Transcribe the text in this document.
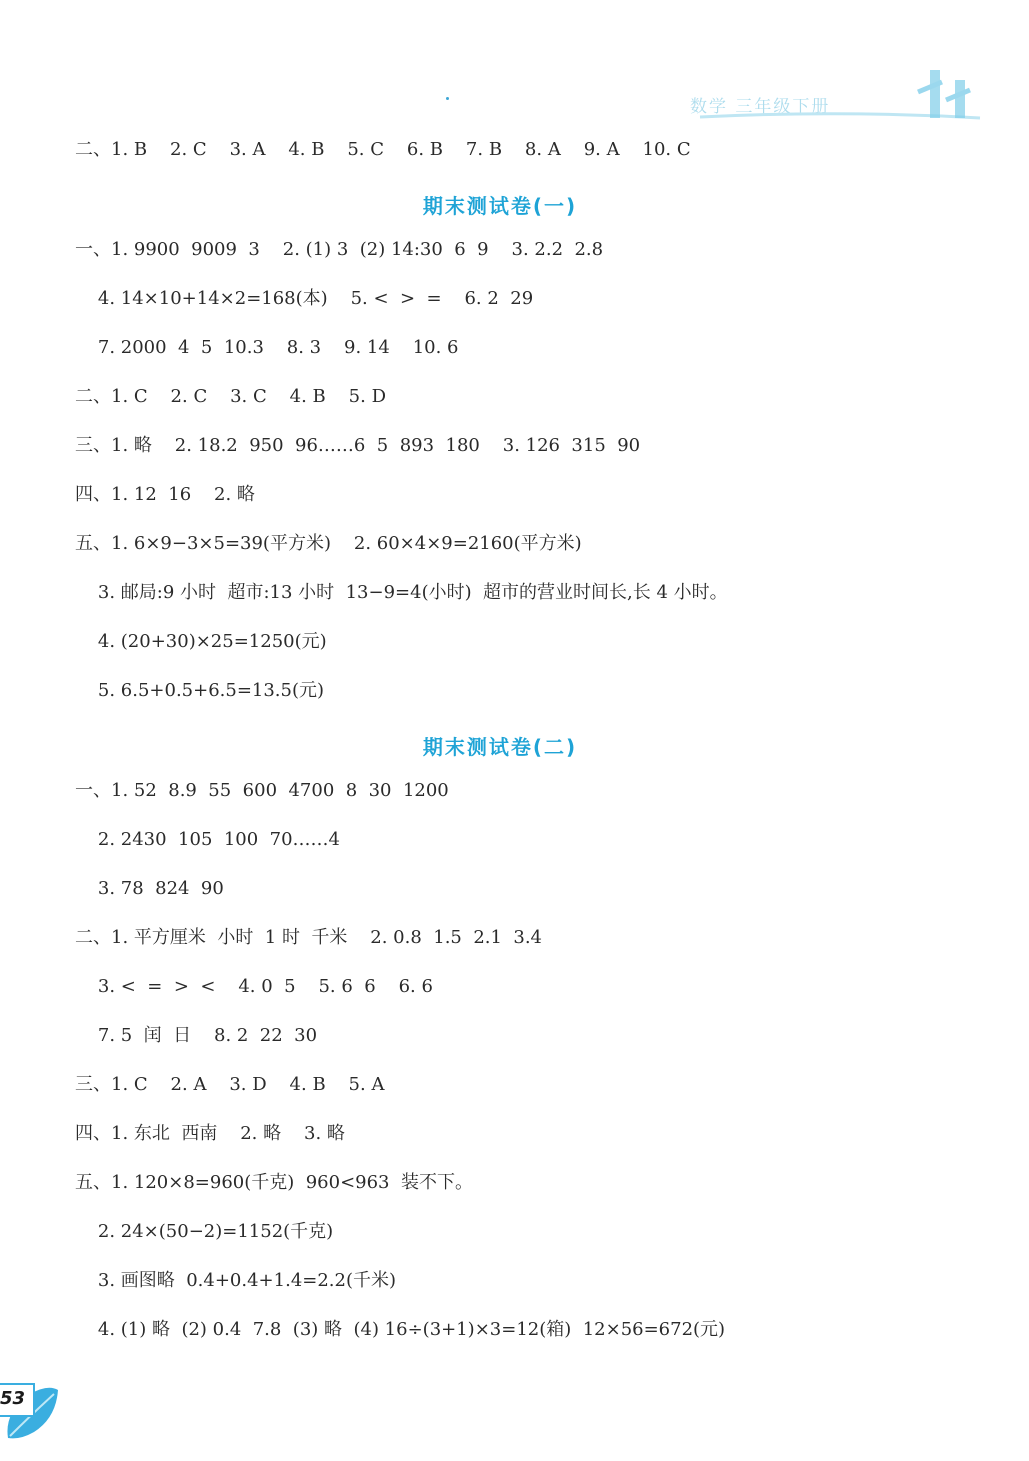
数学 三年级下册
二、1. B    2. C    3. A    4. B    5. C    6. B    7. B    8. A    9. A    10. C
期末测试卷(一)
一、1. 9900  9009  3    2. (1) 3  (2) 14:30  6  9    3. 2.2  2.8
4. 14×10+14×2=168(本)    5. <  >  =    6. 2  29
7. 2000  4  5  10.3    8. 3    9. 14    10. 6
二、1. C    2. C    3. C    4. B    5. D
三、1. 略    2. 18.2  950  96……6  5  893  180    3. 126  315  90
四、1. 12  16    2. 略
五、1. 6×9−3×5=39(平方米)    2. 60×4×9=2160(平方米)
3. 邮局:9 小时  超市:13 小时  13−9=4(小时)  超市的营业时间长,长 4 小时。
4. (20+30)×25=1250(元)
5. 6.5+0.5+6.5=13.5(元)
期末测试卷(二)
一、1. 52  8.9  55  600  4700  8  30  1200
2. 2430  105  100  70……4
3. 78  824  90
二、1. 平方厘米  小时  1 时  千米    2. 0.8  1.5  2.1  3.4
3. <  =  >  <    4. 0  5    5. 6  6    6. 6
7. 5  闰  日    8. 2  22  30
三、1. C    2. A    3. D    4. B    5. A
四、1. 东北  西南    2. 略    3. 略
五、1. 120×8=960(千克)  960<963  装不下。
2. 24×(50−2)=1152(千克)
3. 画图略  0.4+0.4+1.4=2.2(千米)
4. (1) 略  (2) 0.4  7.8  (3) 略  (4) 16÷(3+1)×3=12(箱)  12×56=672(元)
53
